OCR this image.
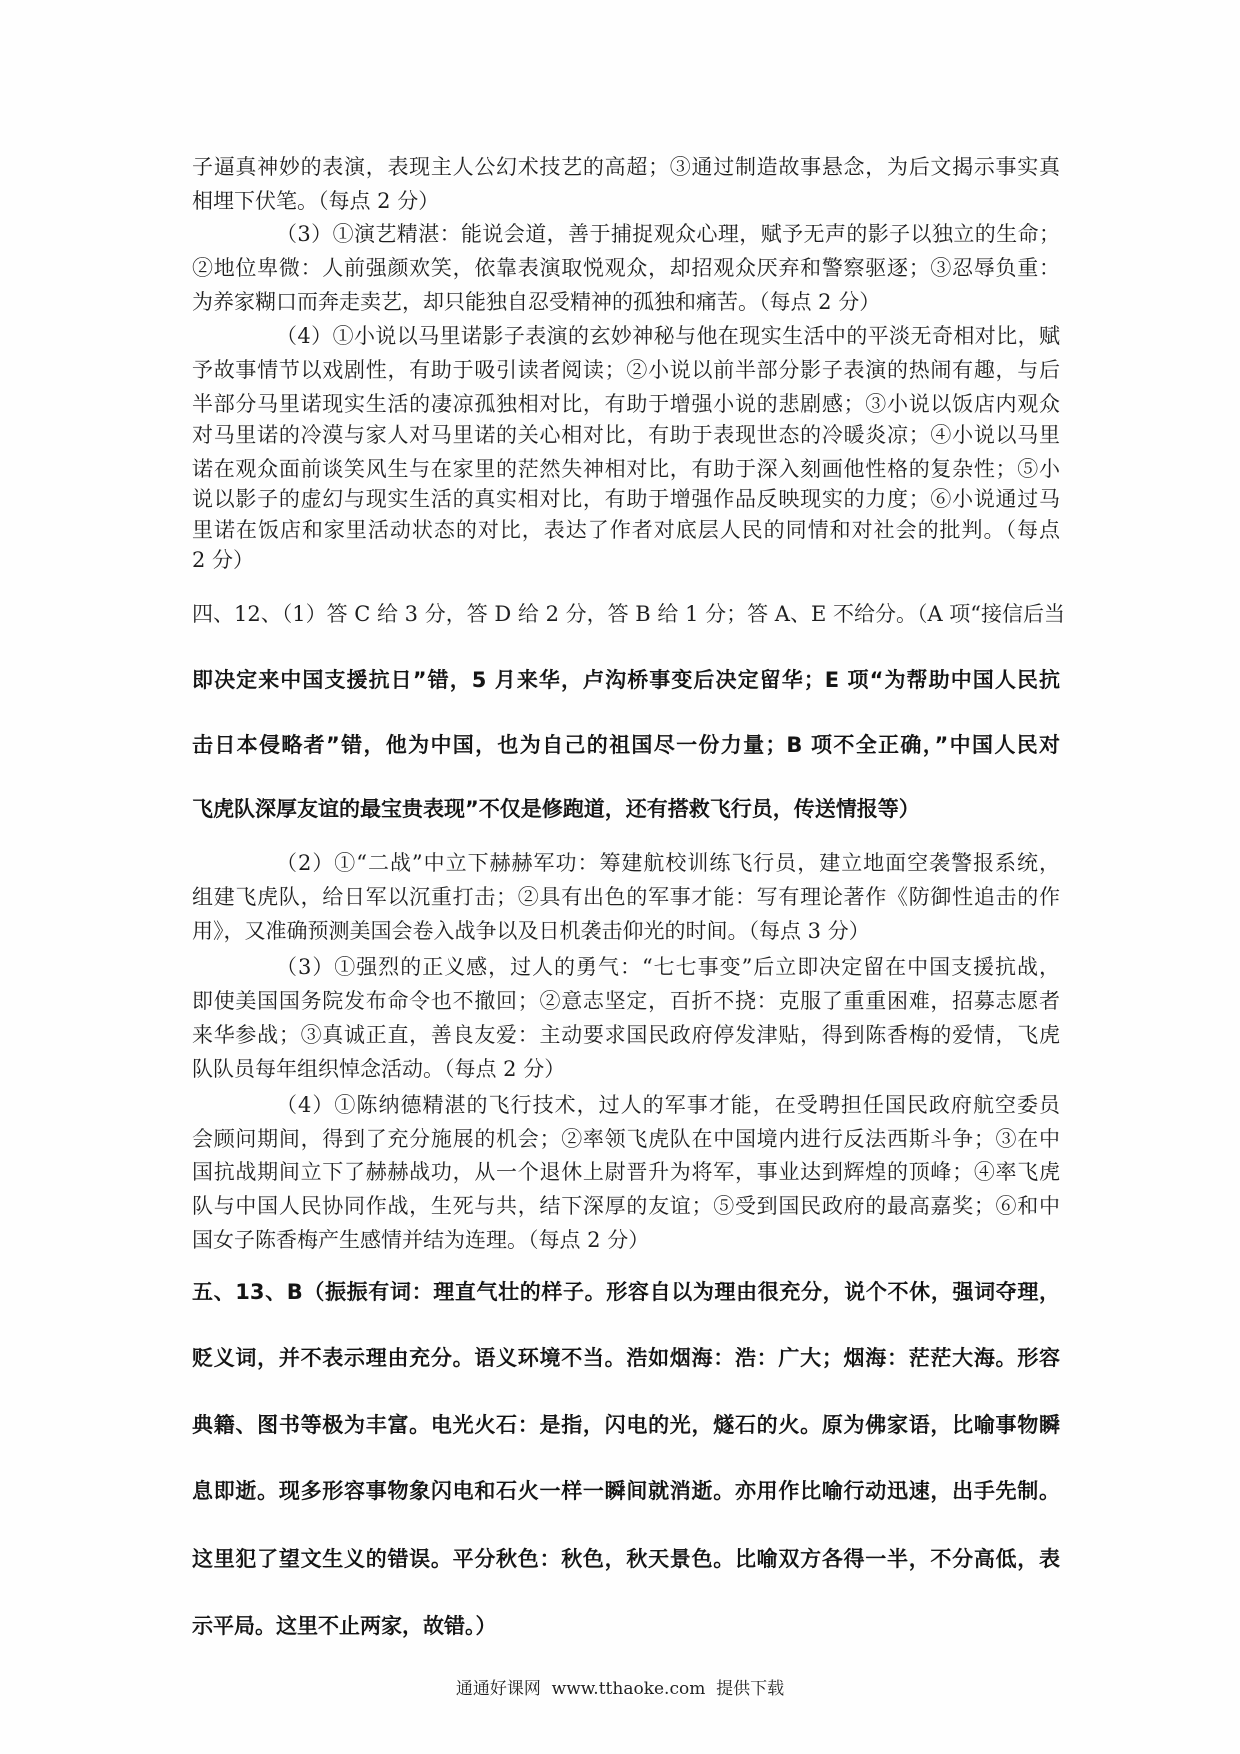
子逼真神妙的表演，表现主人公幻术技艺的高超；③通过制造故事悬念，为后文揭示事实真
相埋下伏笔。（每点 2 分）
（3）①演艺精湛：能说会道，善于捕捉观众心理，赋予无声的影子以独立的生命；
②地位卑微：人前强颜欢笑，依靠表演取悦观众，却招观众厌弃和警察驱逐；③忍辱负重：
为养家糊口而奔走卖艺，却只能独自忍受精神的孤独和痛苦。（每点 2 分）
（4）①小说以马里诺影子表演的玄妙神秘与他在现实生活中的平淡无奇相对比，赋
予故事情节以戏剧性，有助于吸引读者阅读；②小说以前半部分影子表演的热闹有趣，与后
半部分马里诺现实生活的凄凉孤独相对比，有助于增强小说的悲剧感；③小说以饭店内观众
对马里诺的冷漠与家人对马里诺的关心相对比，有助于表现世态的冷暖炎凉；④小说以马里
诺在观众面前谈笑风生与在家里的茫然失神相对比，有助于深入刻画他性格的复杂性；⑤小
说以影子的虚幻与现实生活的真实相对比，有助于增强作品反映现实的力度；⑥小说通过马
里诺在饭店和家里活动状态的对比，表达了作者对底层人民的同情和对社会的批判。（每点
2 分）
四、12、（1）答 C 给 3 分，答 D 给 2 分，答 B 给 1 分；答 A、E 不给分。（A 项“接信后当
即决定来中国支援抗日”错，5 月来华，卢沟桥事变后决定留华；E 项“为帮助中国人民抗
击日本侵略者”错，他为中国，也为自己的祖国尽一份力量；B 项不全正确，”中国人民对
飞虎队深厚友谊的最宝贵表现”不仅是修跑道，还有搭救飞行员，传送情报等）
（2）①“二战”中立下赫赫军功：筹建航校训练飞行员，建立地面空袭警报系统，
组建飞虎队，给日军以沉重打击；②具有出色的军事才能：写有理论著作《防御性追击的作
用》，又准确预测美国会卷入战争以及日机袭击仰光的时间。（每点 3 分）
（3）①强烈的正义感，过人的勇气：“七七事变”后立即决定留在中国支援抗战，
即使美国国务院发布命令也不撤回；②意志坚定，百折不挠：克服了重重困难，招募志愿者
来华参战；③真诚正直，善良友爱：主动要求国民政府停发津贴，得到陈香梅的爱情，飞虎
队队员每年组织悼念活动。（每点 2 分）
（4）①陈纳德精湛的飞行技术，过人的军事才能，在受聘担任国民政府航空委员
会顾问期间，得到了充分施展的机会；②率领飞虎队在中国境内进行反法西斯斗争；③在中
国抗战期间立下了赫赫战功，从一个退休上尉晋升为将军，事业达到辉煌的顶峰；④率飞虎
队与中国人民协同作战，生死与共，结下深厚的友谊；⑤受到国民政府的最高嘉奖；⑥和中
国女子陈香梅产生感情并结为连理。（每点 2 分）
五、13、B（振振有词：理直气壮的样子。形容自以为理由很充分，说个不休，强词夺理，
贬义词，并不表示理由充分。语义环境不当。浩如烟海：浩：广大；烟海：茫茫大海。形容
典籍、图书等极为丰富。电光火石：是指，闪电的光，燧石的火。原为佛家语，比喻事物瞬
息即逝。现多形容事物象闪电和石火一样一瞬间就消逝。亦用作比喻行动迅速，出手先制。
这里犯了望文生义的错误。平分秋色：秋色，秋天景色。比喻双方各得一半，不分高低，表
示平局。这里不止两家，故错。）
通通好课网  www.tthaoke.com  提供下载
